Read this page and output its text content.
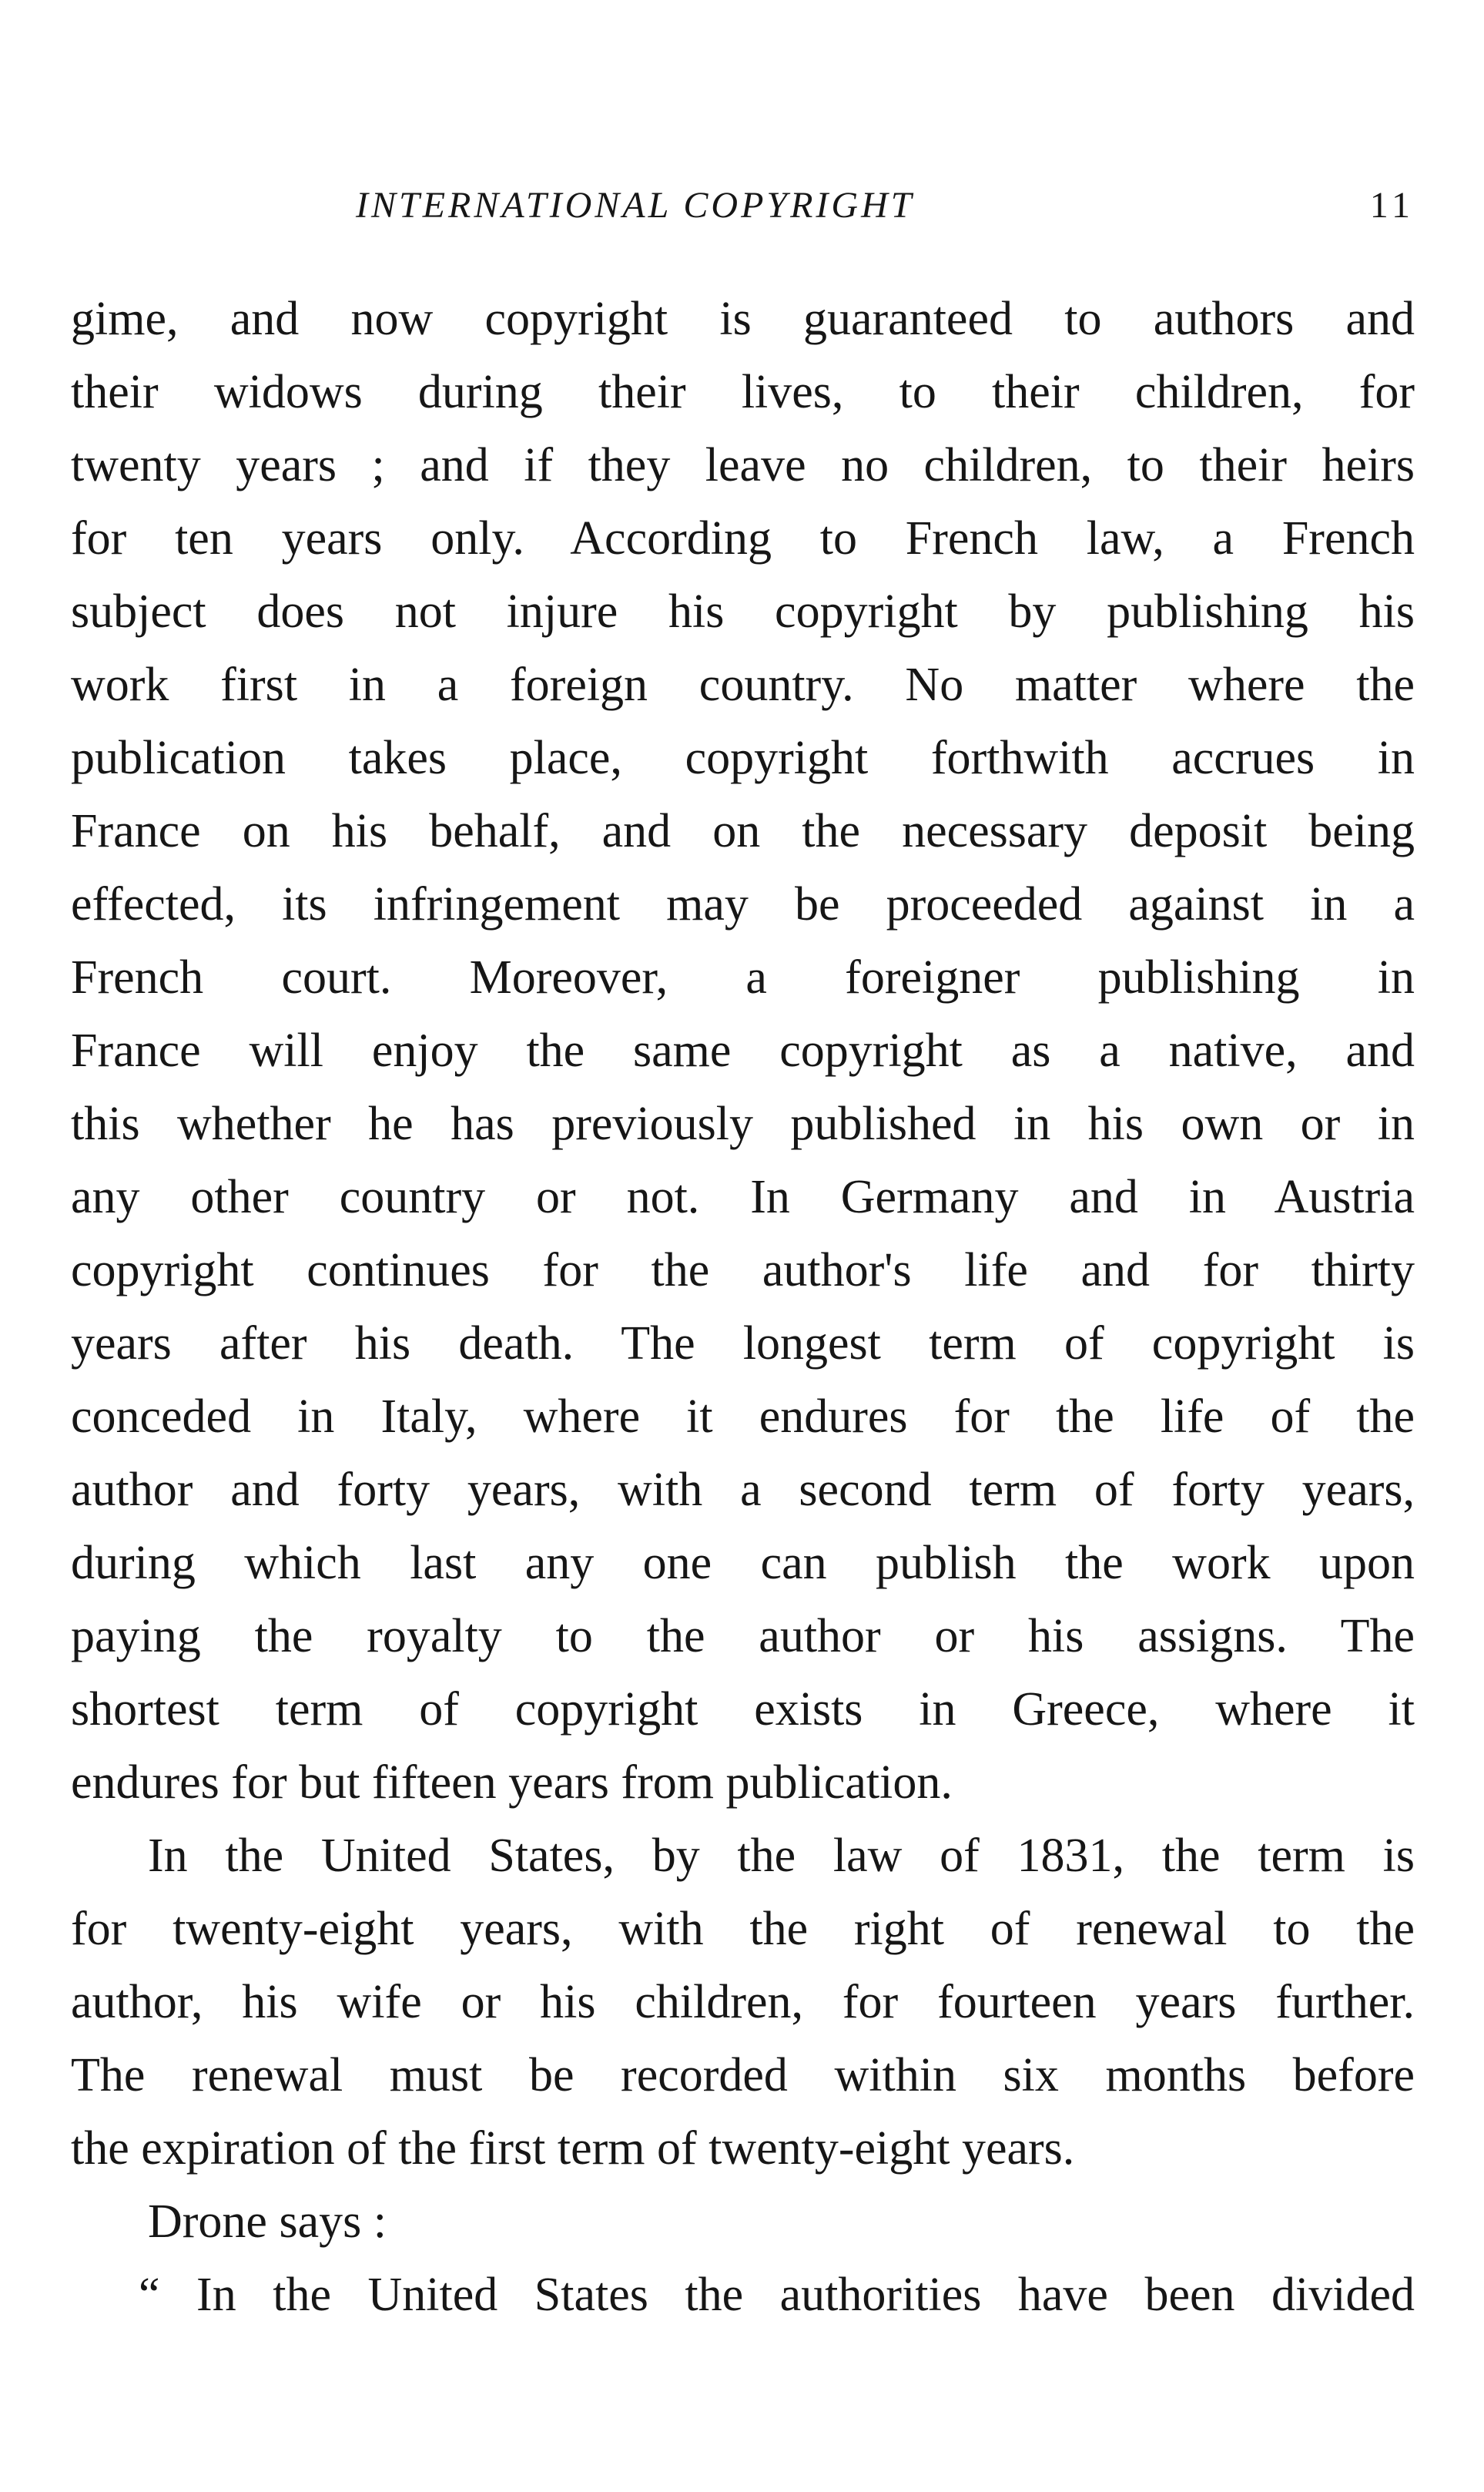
INTERNATIONAL COPYRIGHT	11
gime, and now copyright is guaranteed to authors and
their widows during their lives, to their children, for
twenty years ; and if they leave no children, to their heirs
for ten years only. According to French law, a French
subject does not injure his copyright by publishing his
work first in a foreign country. No matter where the
publication takes place, copyright forthwith accrues in
France on his behalf, and on the necessary deposit being
effected, its infringement may be proceeded against in a
French court. Moreover, a foreigner publishing in
France will enjoy the same copyright as a native, and
this whether he has previously published in his own or in
any other country or not. In Germany and in Austria
copyright continues for the author's life and for thirty
years after his death. The longest term of copyright is
conceded in Italy, where it endures for the life of the
author and forty years, with a second term of forty years,
during which last any one can publish the work upon
paying the royalty to the author or his assigns. The
shortest term of copyright exists in Greece, where it
endures for but fifteen years from publication.
In the United States, by the law of 1831, the term is
for twenty-eight years, with the right of renewal to the
author, his wife or his children, for fourteen years further.
The renewal must be recorded within six months before
the expiration of the first term of twenty-eight years.
Drone says :
“ In the United States the authorities have been divided
